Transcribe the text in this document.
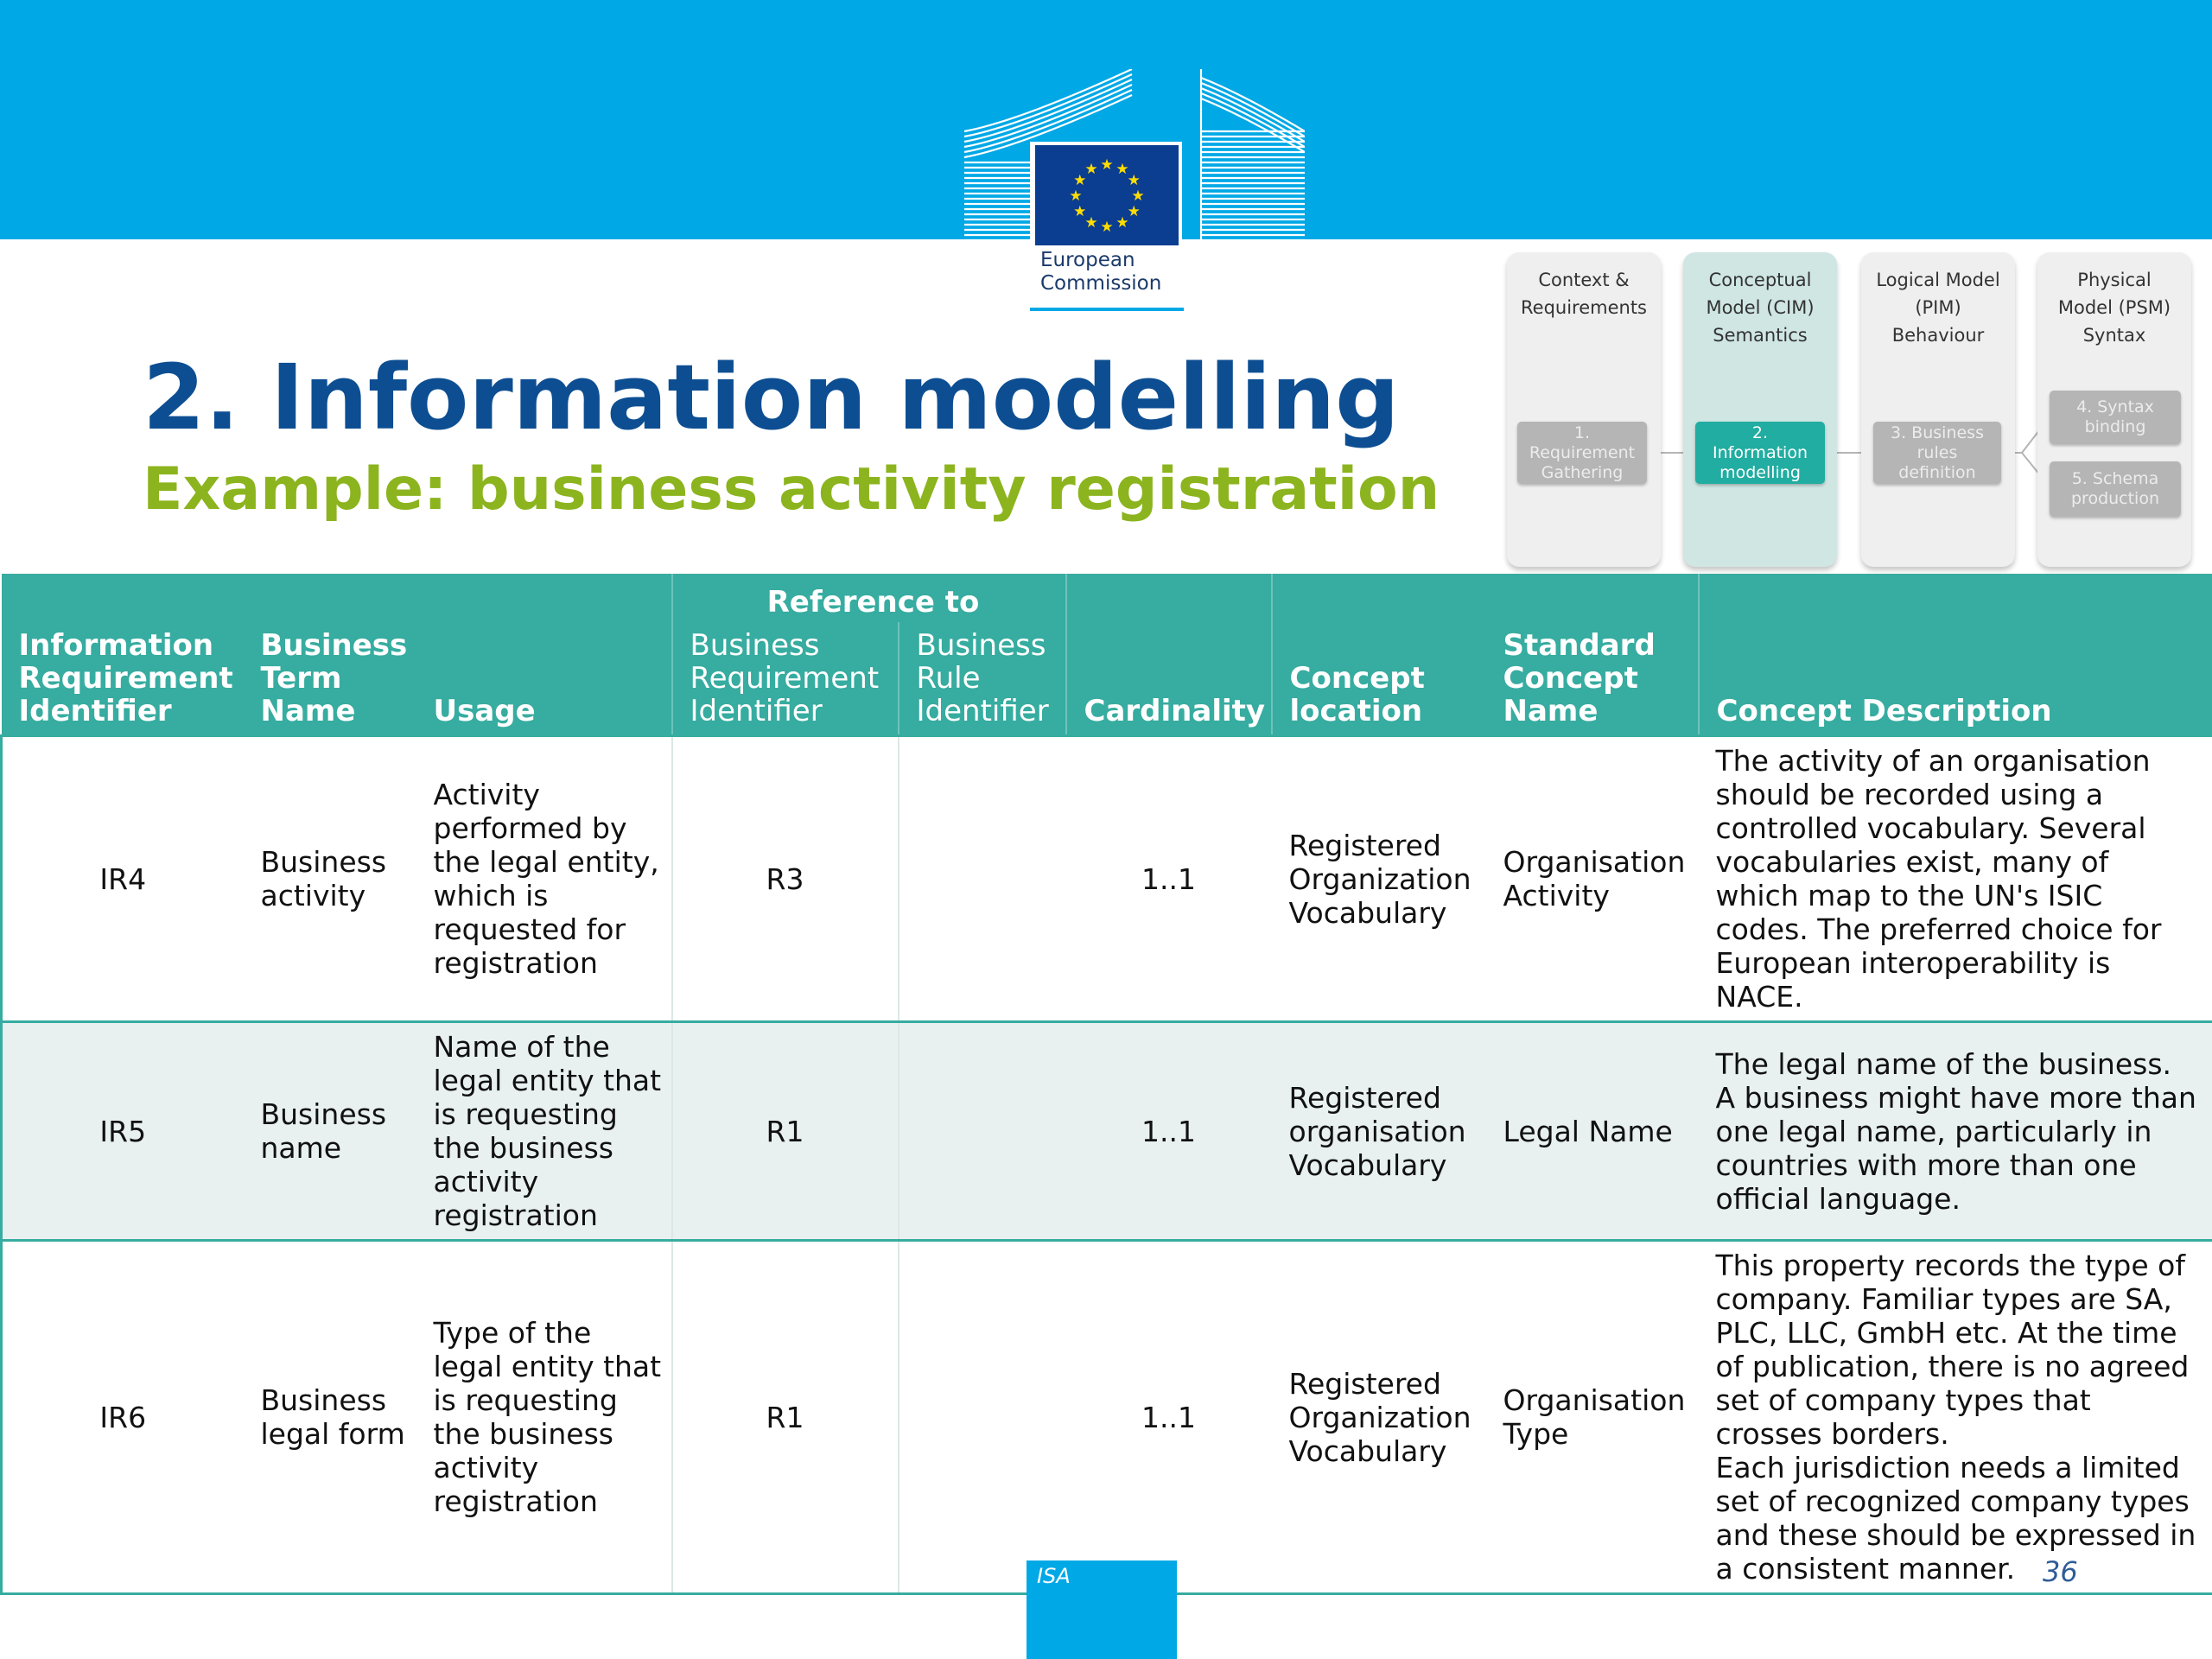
★ ★
★
★
★
★
★
★
★
★
★
★
European
Commission
2. Information modelling
Example: business activity registration
Context &
Requirements
Conceptual
Model (CIM)
Semantics
Logical Model
(PIM)
Behaviour
Physical
Model (PSM)
Syntax
1.
Requirement
Gathering
2.
Information
modelling
3. Business
rules
definition
4. Syntax
binding
5. Schema
production
Information Requirement Identifier	Business Term Name	Usage	Reference to		Cardinality	Concept location	Standard Concept Name	Concept Description
			Business Requirement Identifier	Business Rule Identifier				
IR4	Business activity	Activity performed by the legal entity, which is requested for registration	R3		1..1	Registered Organization Vocabulary	Organisation Activity	The activity of an organisation should be recorded using a controlled vocabulary. Several vocabularies exist, many of which map to the UN's ISIC codes. The preferred choice for European interoperability is NACE.
IR5	Business name	Name of the legal entity that is requesting the business activity registration	R1		1..1	Registered organisation Vocabulary	Legal Name	The legal name of the business. A business might have more than one legal name, particularly in countries with more than one official language.
IR6	Business legal form	Type of the legal entity that is requesting the business activity registration	R1		1..1	Registered Organization Vocabulary	Organisation Type	This property records the type of company. Familiar types are SA, PLC, LLC, GmbH etc. At the time of publication, there is no agreed set of company types that crosses borders.
Each jurisdiction needs a limited set of recognized company types and these should be expressed in a consistent manner.
ISA	36
